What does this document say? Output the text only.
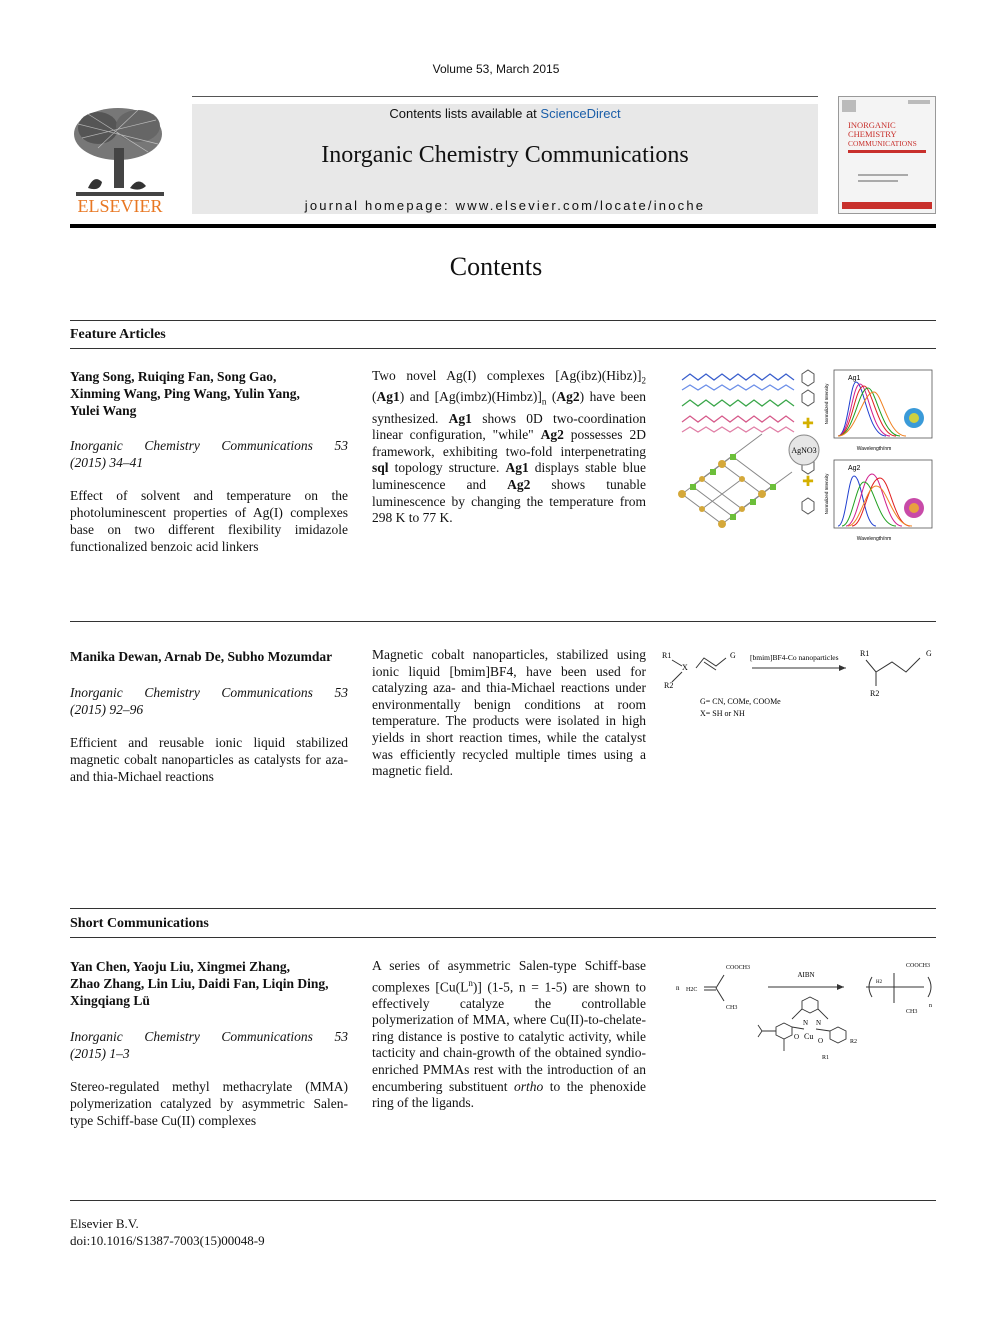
Volume 53, March 2015
Contents lists available at ScienceDirect
Inorganic Chemistry Communications
journal homepage: www.elsevier.com/locate/inoche
ELSEVIER
INORGANIC
CHEMISTRY
COMMUNICATIONS
Contents
Feature Articles
Yang Song, Ruiqing Fan, Song Gao,
Xinming Wang, Ping Wang, Yulin Yang,
Yulei Wang
Inorganic Chemistry Communications 53
(2015) 34–41
Effect of solvent and temperature on the photoluminescent properties of Ag(I) complexes base on two different flexibility imidazole functionalized benzoic acid linkers
Two novel Ag(I) complexes $[Ag(ibz)(Hibz)]_2$ (Ag1) and $[Ag(imbz)(Himbz)]_n$ (Ag2) have been synthesized. Ag1 shows 0D two-coordination linear configuration, "while" Ag2 possesses 2D framework, exhibiting two-fold interpenetrating sql topology structure. Ag1 displays stable blue luminescence and Ag2 shows tunable luminescence by changing the temperature from 298 K to 77 K.
✚
✚
AgNO3
Ag1
Wavelength/nm
Normalized Intensity
Ag2
Wavelength/nm
Normalized Intensity
Manika Dewan, Arnab De, Subho Mozumdar
Inorganic Chemistry Communications 53
(2015) 92–96
Efficient and reusable ionic liquid stabilized magnetic cobalt nanoparticles as catalysts for aza- and thia-Michael reactions
Magnetic cobalt nanoparticles, stabilized using ionic liquid [bmim]BF4, have been used for catalyzing aza- and thia-Michael reactions under environmentally benign conditions at room temperature. The products were isolated in high yields in short reaction times, while the catalyst was efficiently recycled multiple times using a magnetic field.
R1
X
R2
G [bmim]BF4-Co nanoparticles	R1	G
R2
G= CN, COMe, COOMe
X= SH or NH
Short Communications
Yan Chen, Yaoju Liu, Xingmei Zhang,
Zhao Zhang, Lin Liu, Daidi Fan, Liqin Ding,
Xingqiang Lü
Inorganic Chemistry Communications 53
(2015) 1–3
Stereo-regulated methyl methacrylate (MMA) polymerization catalyzed by asymmetric Salen-type Schiff-base Cu(II) complexes
A series of asymmetric Salen-type Schiff-base complexes $[Cu(L^n)]$ (1-5, n = 1-5) are shown to effectively catalyze the controllable polymerization of MMA, where Cu(II)-to-chelate-ring distance is postive to catalytic activity, while tacticity and chain-growth of the obtained syndio-enriched PMMAs rest with the introduction of an encumbering substituent ortho to the phenoxide ring of the ligands.
n H2C
COOCH3
CH3
AIBN
H2
COOCH3
CH3
n
N N
Cu
O	O	R2
R1
Elsevier B.V.
doi:10.1016/S1387-7003(15)00048-9
